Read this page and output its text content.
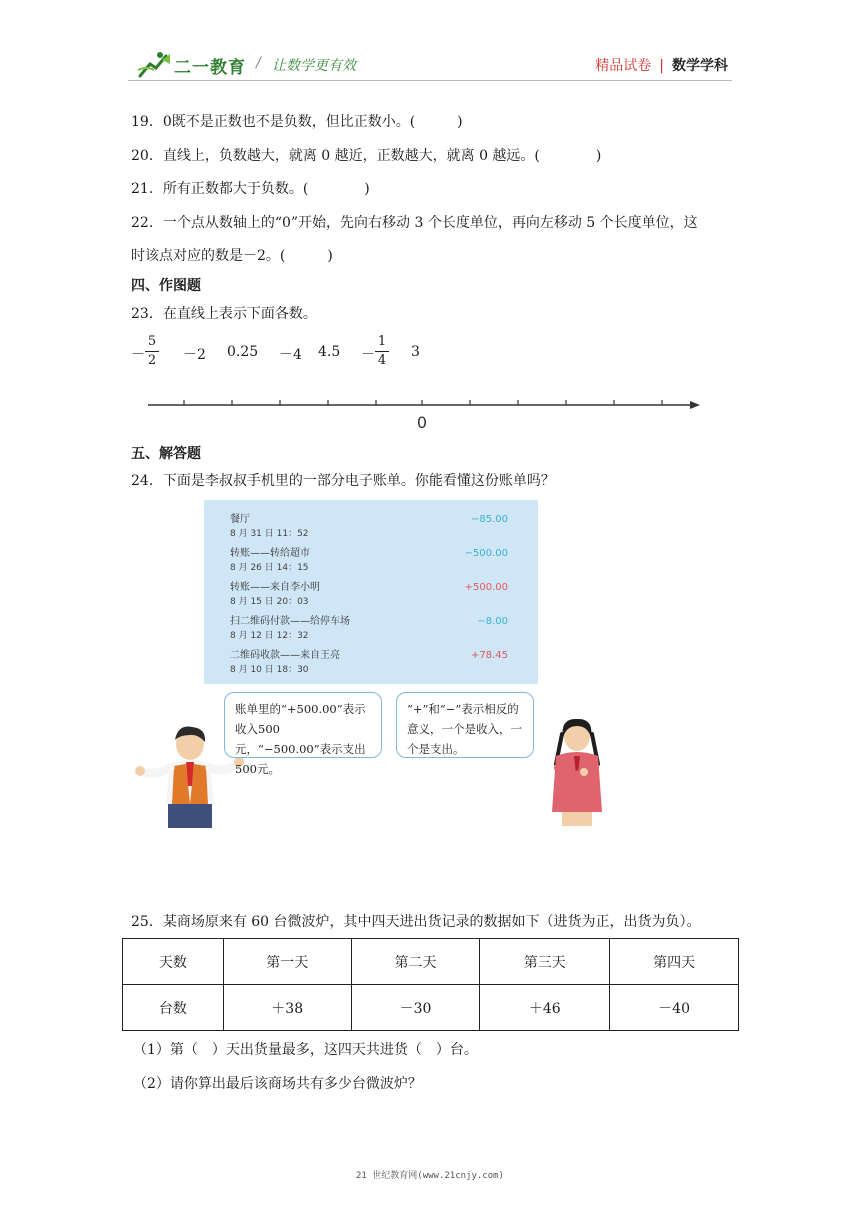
二一教育 / 让数学更有效	精品试卷 | 数学学科
19．0既不是正数也不是负数，但比正数小。(　　　)
20．直线上，负数越大，就离 0 越近，正数越大，就离 0 越远。(　　　　)
21．所有正数都大于负数。(　　　　)
22．一个点从数轴上的“0”开始，先向右移动 3 个长度单位，再向左移动 5 个长度单位，这
时该点对应的数是－2。(　　　)
四、作图题
23．在直线上表示下面各数。
－
5
2 －2 0.25 －4 4.5 －
1
4
3
0
五、解答题
24．下面是李叔叔手机里的一部分电子账单。你能看懂这份账单吗？
餐厅
8 月 31 日 11：52
−85.00
转账——转给超市
8 月 26 日 14：15
−500.00
转账——来自李小明
8 月 15 日 20：03
+500.00
扫二维码付款——给停车场
8 月 12 日 12：32
−8.00
二维码收款——来自王亮
8 月 10 日 18：30
+78.45
账单里的“+500.00”表示收入500元，“−500.00”表示支出500元。
“+”和“−”表示相反的意义，一个是收入，一个是支出。
25．某商场原来有 60 台微波炉，其中四天进出货记录的数据如下（进货为正，出货为负）。
天数	第一天	第二天	第三天	第四天
台数	＋38	－30	＋46	－40
（1）第（　）天出货量最多，这四天共进货（　）台。
（2）请你算出最后该商场共有多少台微波炉？
21 世纪教育网(www.21cnjy.com)
